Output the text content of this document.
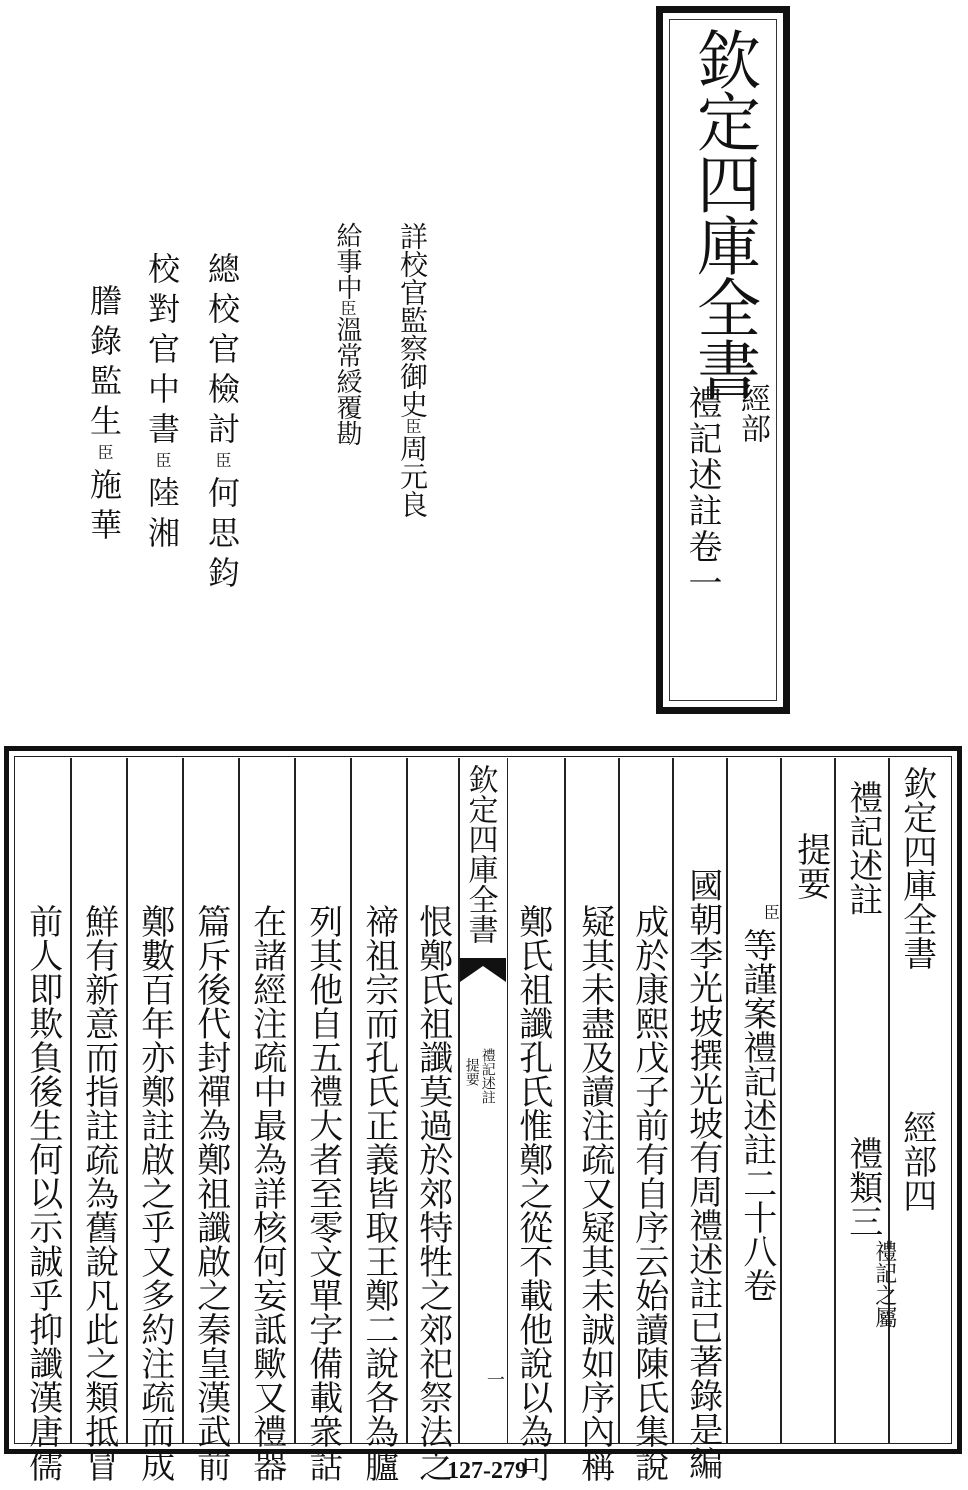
欽定四庫全書
經部
禮記述註卷一
詳校官監察御史臣周元良
給事中臣溫常綬覆勘
總校官檢討臣何思鈞
校對官中書臣陸湘
謄錄監生臣施華
欽定四庫全書
禮記述註
提要
一
欽定四庫全書
經部四
禮記述註
禮類三
禮記之屬
提要
臣
等謹案禮記述註二十八卷
國朝李光坡撰光坡有周禮述註已著錄是編
成於康熙戊子前有自序云始讀陳氏集說
疑其未盡及讀注疏又疑其未誠如序內稱
鄭氏祖讖孔氏惟鄭之從不載他說以為可
恨鄭氏祖讖莫過於郊特牲之郊祀祭法之
禘祖宗而孔氏正義皆取王鄭二說各為臚
列其他自五禮大者至零文單字備載衆詁
在諸經注疏中最為詳核何妄詆歟又禮器
篇斥後代封禪為鄭祖讖啟之秦皇漢武前
鄭數百年亦鄭註啟之乎又多約注疏而成
鮮有新意而指註疏為舊說凡此之類抵冒
前人即欺負後生何以示誠乎抑讖漢唐儒	127-279
